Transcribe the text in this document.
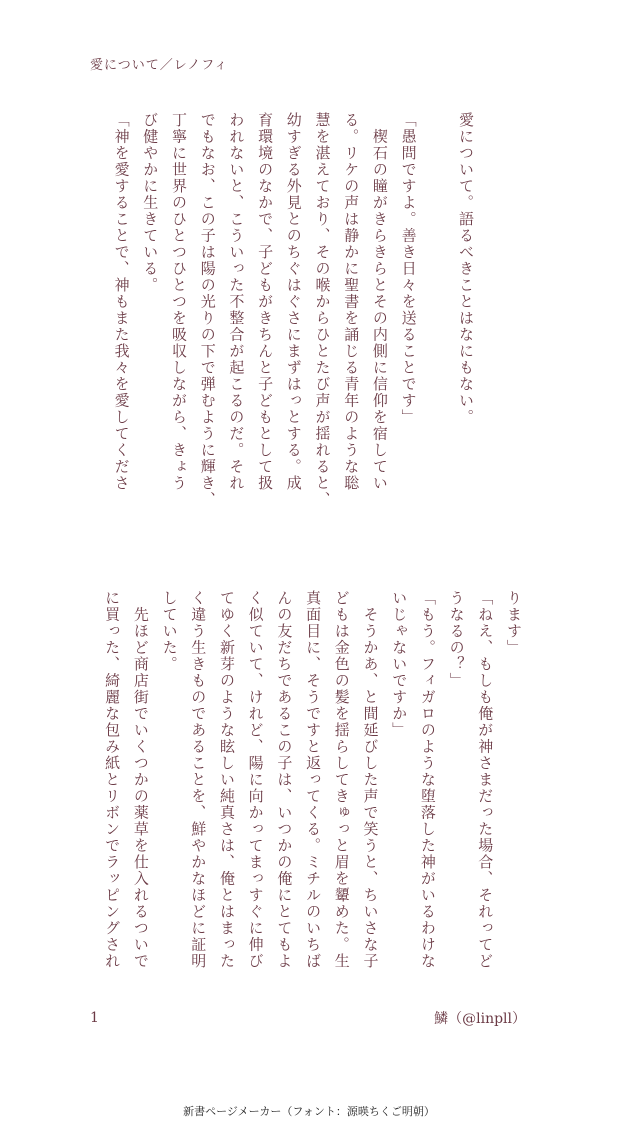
愛について／レノフィ
愛について。語るべきことはなにもない。
「愚問ですよ。善き日々を送ることです」
　楔石の瞳がきらきらとその内側に信仰を宿してい
る。リケの声は静かに聖書を誦じる青年のような聡
慧を湛えており、その喉からひとたび声が揺れると、
幼すぎる外見とのちぐはぐさにまずはっとする。成
育環境のなかで、子どもがきちんと子どもとして扱
われないと、こういった不整合が起こるのだ。それ
でもなお、この子は陽の光りの下で弾むように輝き、
丁寧に世界のひとつひとつを吸収しながら、きょう
び健やかに生きている。
「神を愛することで、神もまた我々を愛してくださ
ります」
「ねえ、もしも俺が神さまだった場合、それってど
うなるの？」
「もう。フィガロのような堕落した神がいるわけな
いじゃないですか」
　そうかあ、と間延びした声で笑うと、ちいさな子
どもは金色の髪を揺らしてきゅっと眉を顰めた。生
真面目に、そうですと返ってくる。ミチルのいちば
んの友だちであるこの子は、いつかの俺にとてもよ
く似ていて、けれど、陽に向かってまっすぐに伸び
てゆく新芽のような眩しい純真さは、俺とはまった
く違う生きものであることを、鮮やかなほどに証明
していた。
　先ほど商店街でいくつかの薬草を仕入れるついで
に買った、綺麗な包み紙とリボンでラッピングされ
1	鱗（@linpll）
新書ページメーカー（フォント：源暎ちくご明朝）
